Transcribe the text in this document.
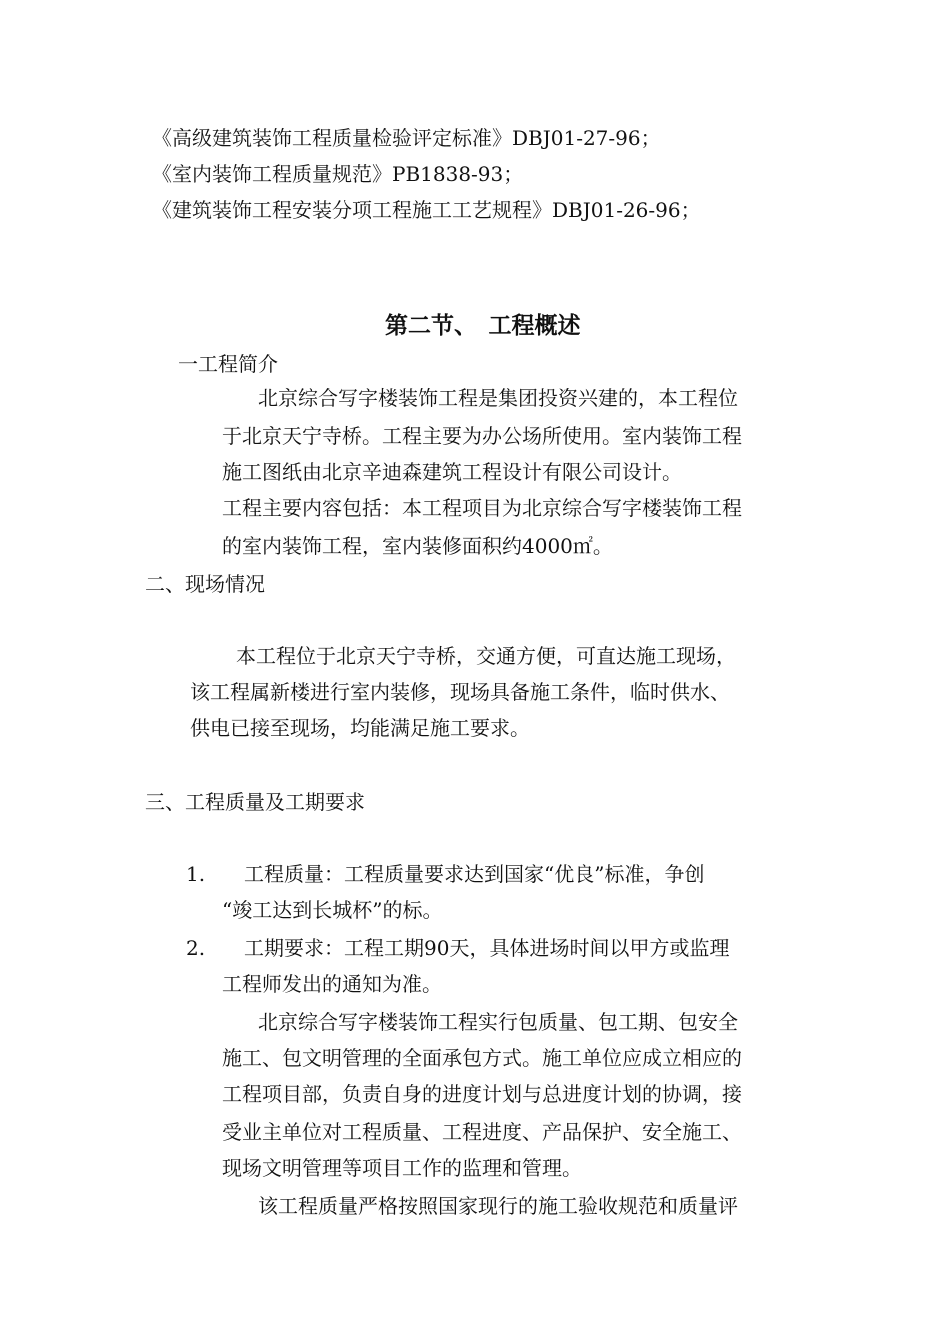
《高级建筑装饰工程质量检验评定标准》DBJ01-27-96；
《室内装饰工程质量规范》PB1838-93；
《建筑装饰工程安装分项工程施工工艺规程》DBJ01-26-96；
第二节、　工程概述
一工程简介
北京综合写字楼装饰工程是集团投资兴建的，本工程位
于北京天宁寺桥。工程主要为办公场所使用。室内装饰工程
施工图纸由北京辛迪森建筑工程设计有限公司设计。
工程主要内容包括：本工程项目为北京综合写字楼装饰工程
的室内装饰工程，室内装修面积约4000㎡。
二、现场情况
本工程位于北京天宁寺桥，交通方便，可直达施工现场，
该工程属新楼进行室内装修，现场具备施工条件，临时供水、
供电已接至现场，均能满足施工要求。
三、工程质量及工期要求
1. 工程质量：工程质量要求达到国家“优良”标准，争创
“竣工达到长城杯”的标。
2. 工期要求：工程工期90天，具体进场时间以甲方或监理
工程师发出的通知为准。
北京综合写字楼装饰工程实行包质量、包工期、包安全
施工、包文明管理的全面承包方式。施工单位应成立相应的
工程项目部，负责自身的进度计划与总进度计划的协调，接
受业主单位对工程质量、工程进度、产品保护、安全施工、
现场文明管理等项目工作的监理和管理。
该工程质量严格按照国家现行的施工验收规范和质量评
